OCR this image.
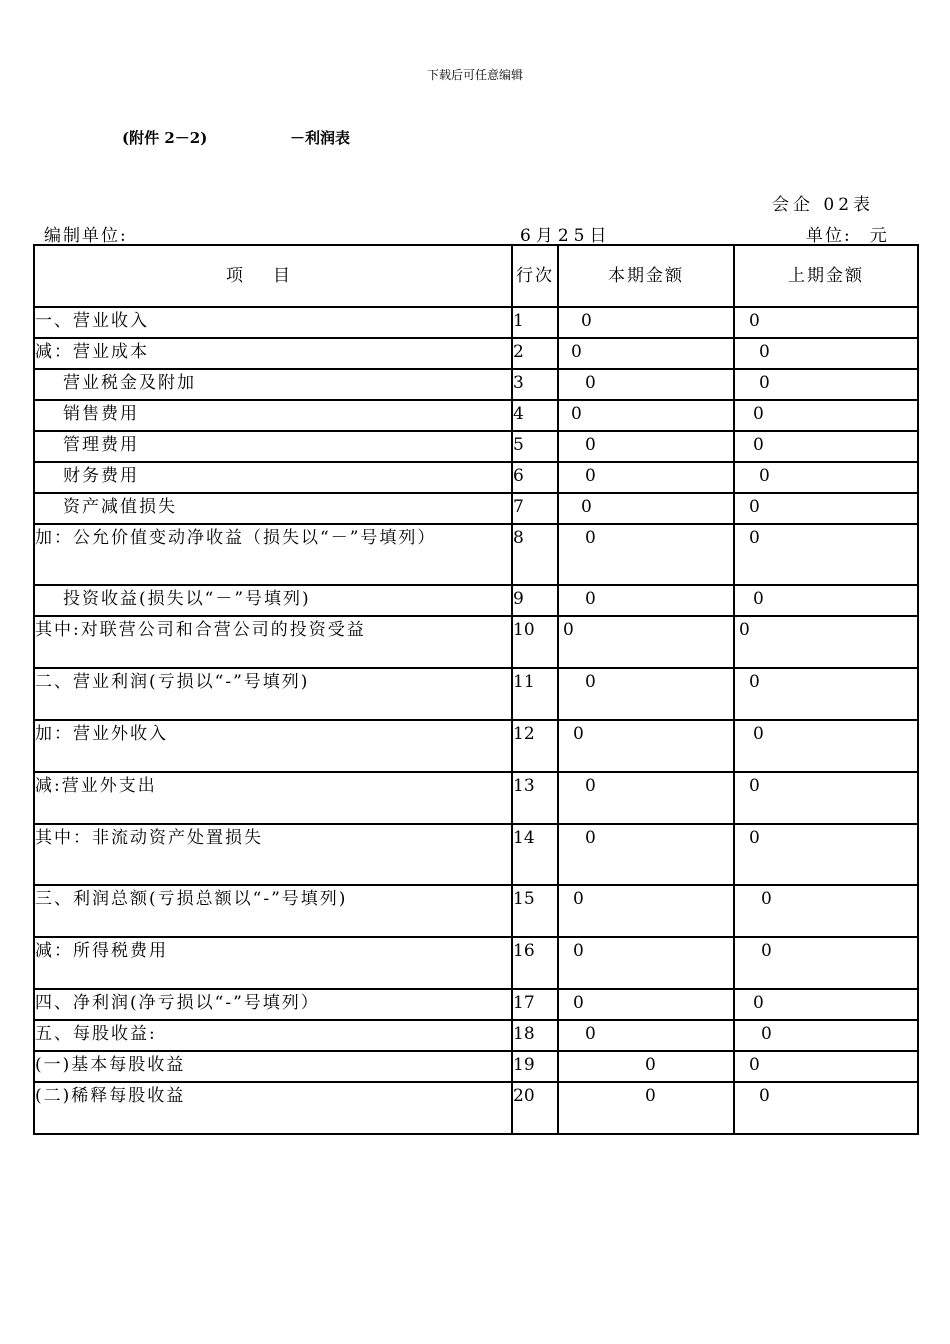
下载后可任意编辑
(附件 2－2)	－利润表
会企 02表
编制单位:	6月25日	单位: 元
项目	行次	本期金额	上期金额
一、营业收入	1	0	0
减：营业成本	2	0	0
营业税金及附加	3	0	0
销售费用	4	0	0
管理费用	5	0	0
财务费用	6	0	0
资产减值损失	7	0	0
加：公允价值变动净收益（损失以“－”号填列）	8	0	0
投资收益(损失以“－”号填列)	9	0	0
其中:对联营公司和合营公司的投资受益	10	0	0
二、营业利润(亏损以“-”号填列)	11	0	0
加：营业外收入	12	0	0
减:营业外支出	13	0	0
其中：非流动资产处置损失	14	0	0
三、利润总额(亏损总额以“-”号填列)	15	0	0
减：所得税费用	16	0	0
四、净利润(净亏损以“-”号填列）	17	0	0
五、每股收益:	18	0	0
(一)基本每股收益	19	0	0
(二)稀释每股收益	20	0	0
